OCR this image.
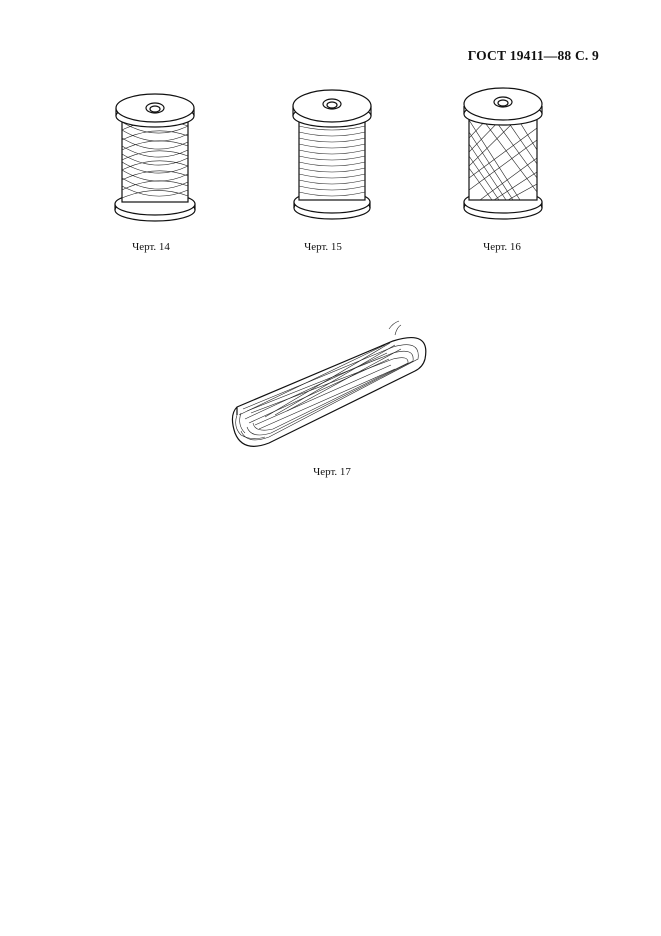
ГОСТ 19411—88 С. 9
Черт. 14	Черт. 15	Черт. 16
Черт. 17
